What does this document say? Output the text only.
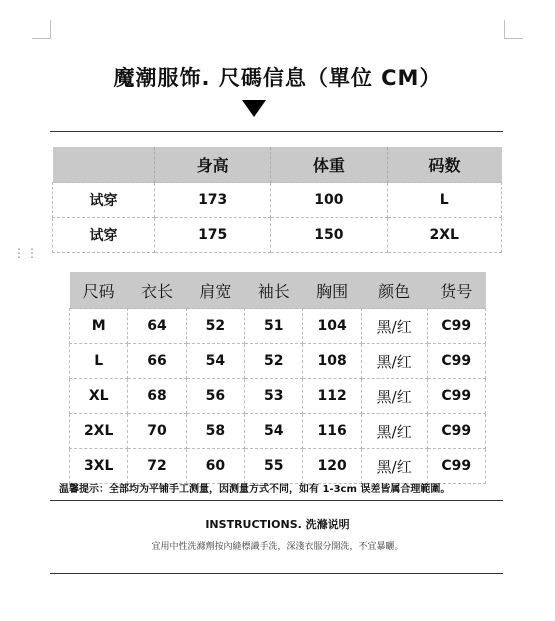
⋮⋮
魔潮服饰. 尺碼信息（單位 CM）
	身高	体重	码数
试穿	173	100	L
试穿	175	150	2XL
尺码	衣长	肩宽	袖长	胸围	颜色	货号
M	64	52	51	104	黑/红	C99
L	66	54	52	108	黑/红	C99
XL	68	56	53	112	黑/红	C99
2XL	70	58	54	116	黑/红	C99
3XL	72	60	55	120	黑/红	C99
温馨提示：全部均为平铺手工测量，因测量方式不同，如有 1-3cm 误差皆属合理範圍。
INSTRUCTIONS. 洗滌说明
宜用中性洗滌劑按內縫標識手洗，深淺衣服分開洗，不宜暴曬。
